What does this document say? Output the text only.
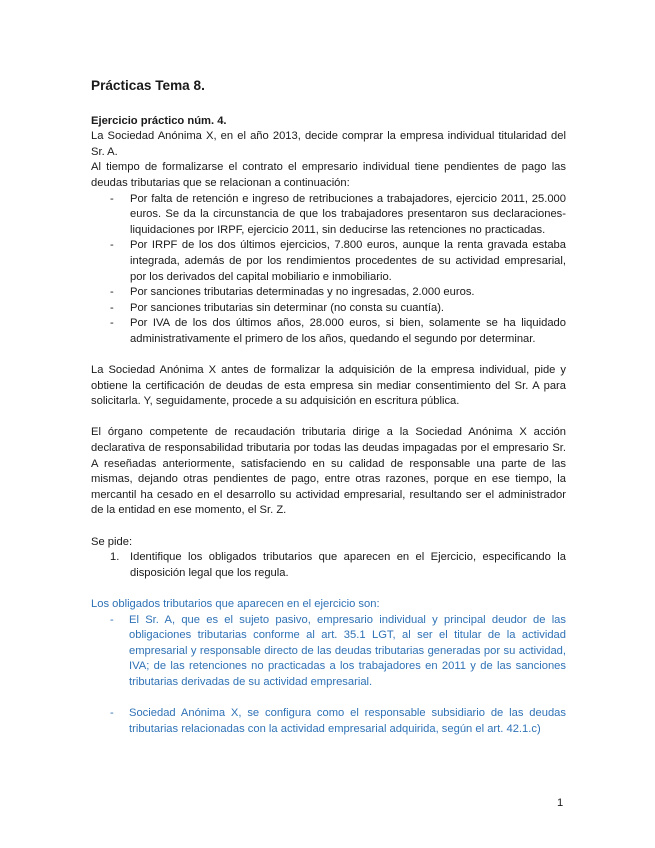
Prácticas Tema 8.
Ejercicio práctico núm. 4.

La Sociedad Anónima X, en el año 2013, decide comprar la empresa individual titularidad del Sr. A.

Al tiempo de formalizarse el contrato el empresario individual tiene pendientes de pago las deudas tributarias que se relacionan a continuación:

- Por falta de retención e ingreso de retribuciones a trabajadores, ejercicio 2011, 25.000 euros. Se da la circunstancia de que los trabajadores presentaron sus declaraciones-liquidaciones por IRPF, ejercicio 2011, sin deducirse las retenciones no practicadas.
- Por IRPF de los dos últimos ejercicios, 7.800 euros, aunque la renta gravada estaba integrada, además de por los rendimientos procedentes de su actividad empresarial, por los derivados del capital mobiliario e inmobiliario.
- Por sanciones tributarias determinadas y no ingresadas, 2.000 euros.
- Por sanciones tributarias sin determinar (no consta su cuantía).
- Por IVA de los dos últimos años, 28.000 euros, si bien, solamente se ha liquidado administrativamente el primero de los años, quedando el segundo por determinar.

La Sociedad Anónima X antes de formalizar la adquisición de la empresa individual, pide y obtiene la certificación de deudas de esta empresa sin mediar consentimiento del Sr. A para solicitarla. Y, seguidamente, procede a su adquisición en escritura pública.

El órgano competente de recaudación tributaria dirige a la Sociedad Anónima X acción declarativa de responsabilidad tributaria por todas las deudas impagadas por el empresario Sr. A reseñadas anteriormente, satisfaciendo en su calidad de responsable una parte de las mismas, dejando otras pendientes de pago, entre otras razones, porque en ese tiempo, la mercantil ha cesado en el desarrollo su actividad empresarial, resultando ser el administrador de la entidad en ese momento, el Sr. Z.

Se pide:

1. Identifique los obligados tributarios que aparecen en el Ejercicio, especificando la disposición legal que los regula.

Los obligados tributarios que aparecen en el ejercicio son:

- El Sr. A, que es el sujeto pasivo, empresario individual y principal deudor de las obligaciones tributarias conforme al art. 35.1 LGT, al ser el titular de la actividad empresarial y responsable directo de las deudas tributarias generadas por su actividad, IVA; de las retenciones no practicadas a los trabajadores en 2011 y de las sanciones tributarias derivadas de su actividad empresarial.
- Sociedad Anónima X, se configura como el responsable subsidiario de las deudas tributarias relacionadas con la actividad empresarial adquirida, según el art. 42.1.c)
1
